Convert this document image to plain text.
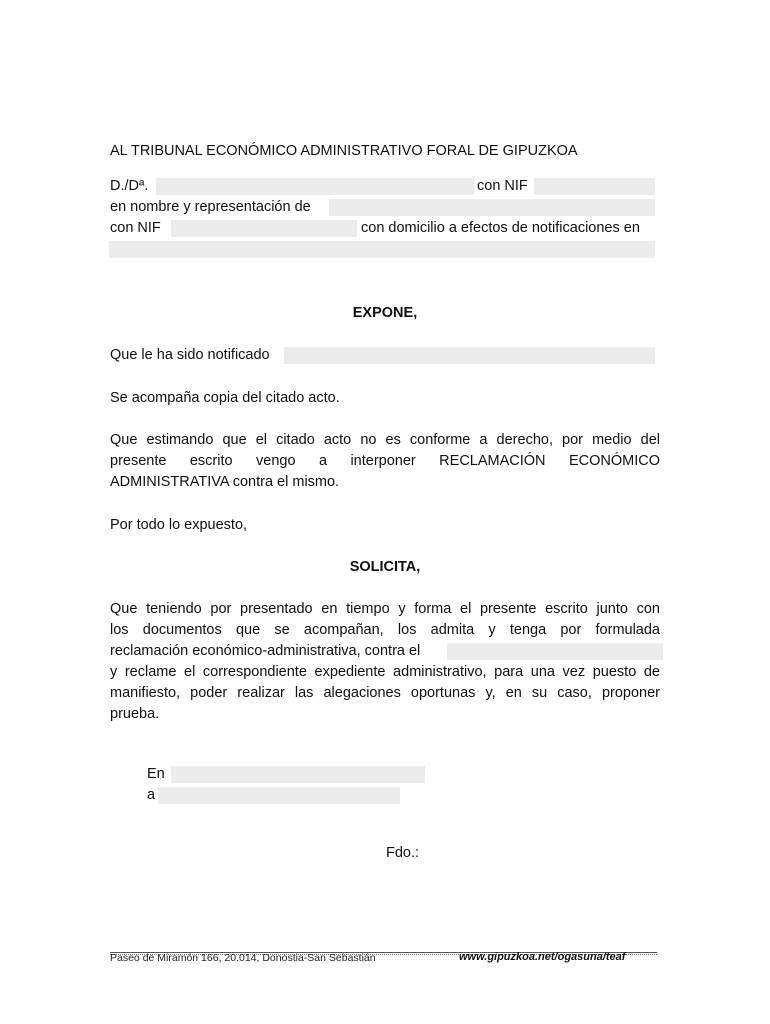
AL TRIBUNAL ECONÓMICO ADMINISTRATIVO FORAL DE GIPUZKOA
D./Dª.	con NIF
en nombre y representación de
con NIF	con domicilio a efectos de notificaciones en
EXPONE,
Que le ha sido notificado
Se acompaña copia del citado acto.
Que estimando que el citado acto no es conforme a derecho, por medio del
presente escrito vengo a interponer RECLAMACIÓN ECONÓMICO
ADMINISTRATIVA contra el mismo.
Por todo lo expuesto,
SOLICITA,
Que teniendo por presentado en tiempo y forma el presente escrito junto con
los documentos que se acompañan, los admita y tenga por formulada
reclamación económico-administrativa, contra el
y reclame el correspondiente expediente administrativo, para una vez puesto de
manifiesto, poder realizar las alegaciones oportunas y, en su caso, proponer
prueba.
En
a
Fdo.:
Paseo de Miramón 166, 20.014, Donostia-San Sebastián	www.gipuzkoa.net/ogasuna/teaf
